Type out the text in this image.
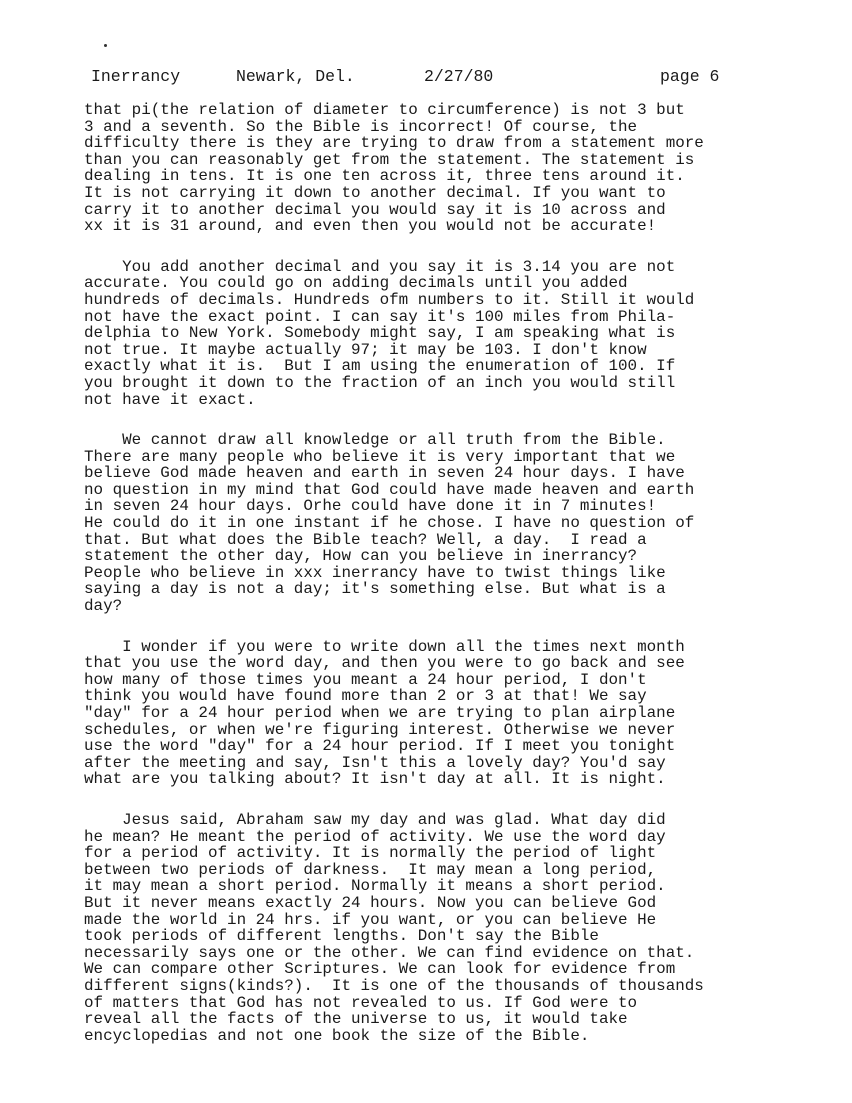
Inerrancy	Newark, Del.	2/27/80	page 6
that pi(the relation of diameter to circumference) is not 3 but
3 and a seventh. So the Bible is incorrect! Of course, the
difficulty there is they are trying to draw from a statement more
than you can reasonably get from the statement. The statement is
dealing in tens. It is one ten across it, three tens around it.
It is not carrying it down to another decimal. If you want to
carry it to another decimal you would say it is 10 across and
xx it is 31 around, and even then you would not be accurate!
You add another decimal and you say it is 3.14 you are not
accurate. You could go on adding decimals until you added
hundreds of decimals. Hundreds ofm numbers to it. Still it would
not have the exact point. I can say it's 100 miles from Phila-
delphia to New York. Somebody might say, I am speaking what is
not true. It maybe actually 97; it may be 103. I don't know
exactly what it is.  But I am using the enumeration of 100. If
you brought it down to the fraction of an inch you would still
not have it exact.
We cannot draw all knowledge or all truth from the Bible.
There are many people who believe it is very important that we
believe God made heaven and earth in seven 24 hour days. I have
no question in my mind that God could have made heaven and earth
in seven 24 hour days. Orhe could have done it in 7 minutes!
He could do it in one instant if he chose. I have no question of
that. But what does the Bible teach? Well, a day.  I read a
statement the other day, How can you believe in inerrancy?
People who believe in xxx inerrancy have to twist things like
saying a day is not a day; it's something else. But what is a
day?
I wonder if you were to write down all the times next month
that you use the word day, and then you were to go back and see
how many of those times you meant a 24 hour period, I don't
think you would have found more than 2 or 3 at that! We say
"day" for a 24 hour period when we are trying to plan airplane
schedules, or when we're figuring interest. Otherwise we never
use the word "day" for a 24 hour period. If I meet you tonight
after the meeting and say, Isn't this a lovely day? You'd say
what are you talking about? It isn't day at all. It is night.
Jesus said, Abraham saw my day and was glad. What day did
he mean? He meant the period of activity. We use the word day
for a period of activity. It is normally the period of light
between two periods of darkness.  It may mean a long period,
it may mean a short period. Normally it means a short period.
But it never means exactly 24 hours. Now you can believe God
made the world in 24 hrs. if you want, or you can believe He
took periods of different lengths. Don't say the Bible
necessarily says one or the other. We can find evidence on that.
We can compare other Scriptures. We can look for evidence from
different signs(kinds?).  It is one of the thousands of thousands
of matters that God has not revealed to us. If God were to
reveal all the facts of the universe to us, it would take
encyclopedias and not one book the size of the Bible.
